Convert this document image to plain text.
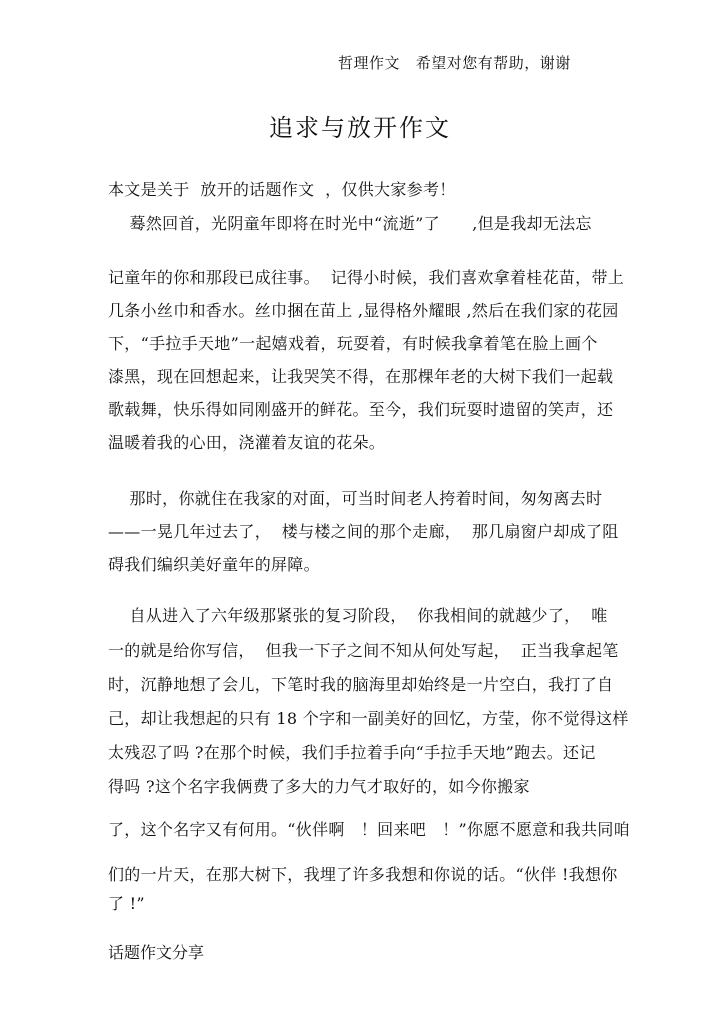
哲理作文   希望对您有帮助，谢谢
追求与放开作文
本文是关于  放开的话题作文  ，仅供大家参考！
蓦然回首，光阴童年即将在时光中“流逝”了      ,但是我却无法忘
记童年的你和那段已成往事。  记得小时候，我们喜欢拿着桂花苗，带上
几条小丝巾和香水。丝巾捆在苗上 ,显得格外耀眼 ,然后在我们家的花园
下，“手拉手天地”一起嬉戏着，玩耍着，有时候我拿着笔在脸上画个
漆黑，现在回想起来，让我哭笑不得，在那棵年老的大树下我们一起载
歌载舞，快乐得如同刚盛开的鲜花。至今，我们玩耍时遗留的笑声，还
温暖着我的心田，浇灌着友谊的花朵。
那时，你就住在我家的对面，可当时间老人挎着时间，匆匆离去时
——一晃几年过去了，  楼与楼之间的那个走廊，  那几扇窗户却成了阻
碍我们编织美好童年的屏障。
自从进入了六年级那紧张的复习阶段，  你我相间的就越少了，  唯
一的就是给你写信，  但我一下子之间不知从何处写起，  正当我拿起笔
时，沉静地想了会儿，下笔时我的脑海里却始终是一片空白，我打了自
己，却让我想起的只有 18 个字和一副美好的回忆，方莹，你不觉得这样
太残忍了吗 ?在那个时候，我们手拉着手向“手拉手天地”跑去。还记
得吗 ?这个名字我俩费了多大的力气才取好的，如今你搬家
了，这个名字又有何用。“伙伴啊   ！回来吧   ！”你愿不愿意和我共同咱
们的一片天，在那大树下，我埋了许多我想和你说的话。“伙伴 !我想你
了 !”
话题作文分享
